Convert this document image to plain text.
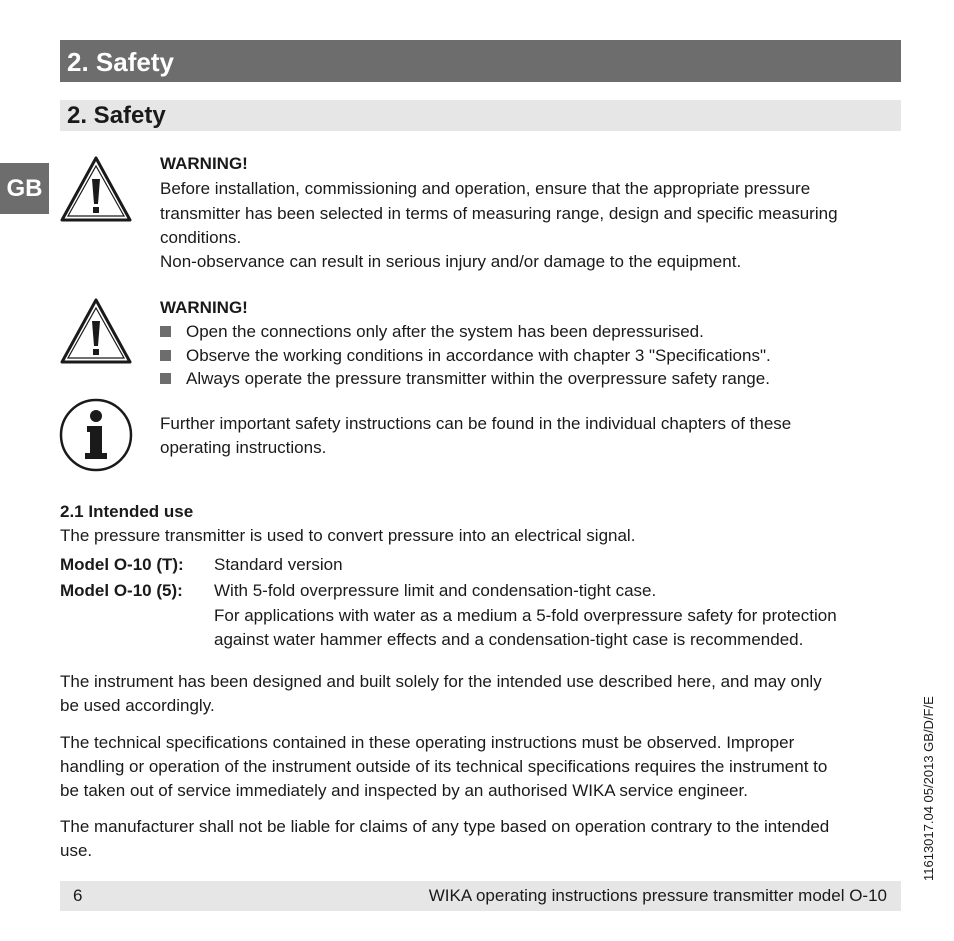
2. Safety
2. Safety
GB
WARNING!
Before installation, commissioning and operation, ensure that the appropriate pressure
transmitter has been selected in terms of measuring range, design and specific measuring
conditions.
Non-observance can result in serious injury and/or damage to the equipment.
WARNING!
Open the connections only after the system has been depressurised.
Observe the working conditions in accordance with chapter 3 "Specifications".
Always operate the pressure transmitter within the overpressure safety range.
Further important safety instructions can be found in the individual chapters of these
operating instructions.
2.1 Intended use
The pressure transmitter is used to convert pressure into an electrical signal.
Model O-10 (T):	Standard version
Model O-10 (5):	With 5-fold overpressure limit and condensation-tight case.
For applications with water as a medium a 5-fold overpressure safety for protection
against water hammer effects and a condensation-tight case is recommended.
The instrument has been designed and built solely for the intended use described here, and may only
be used accordingly.
The technical specifications contained in these operating instructions must be observed. Improper
handling or operation of the instrument outside of its technical specifications requires the instrument to
be taken out of service immediately and inspected by an authorised WIKA service engineer.
The manufacturer shall not be liable for claims of any type based on operation contrary to the intended
use.
6	WIKA operating instructions pressure transmitter model O-10
11613017.04 05/2013 GB/D/F/E
